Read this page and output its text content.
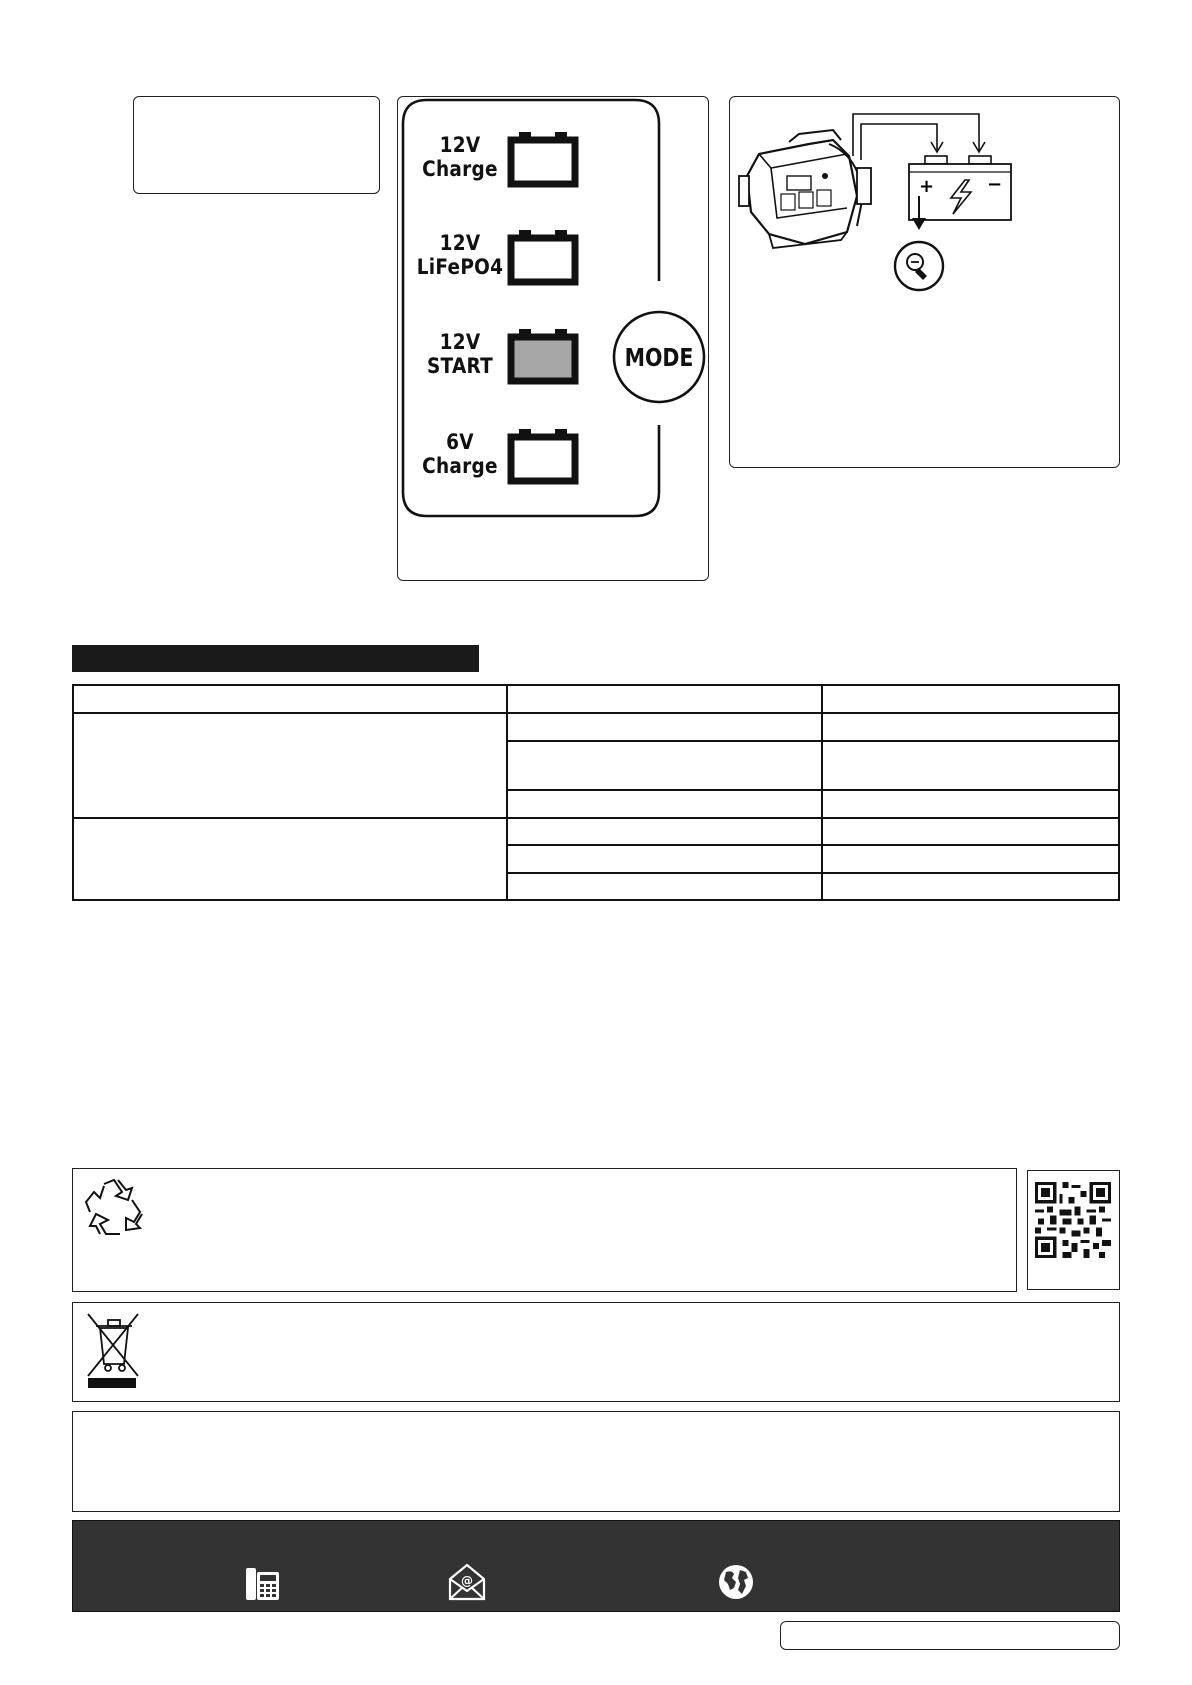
12V
Charge
12V
LiFePO4
12V
START
6V
Charge
MODE
+	−

@
